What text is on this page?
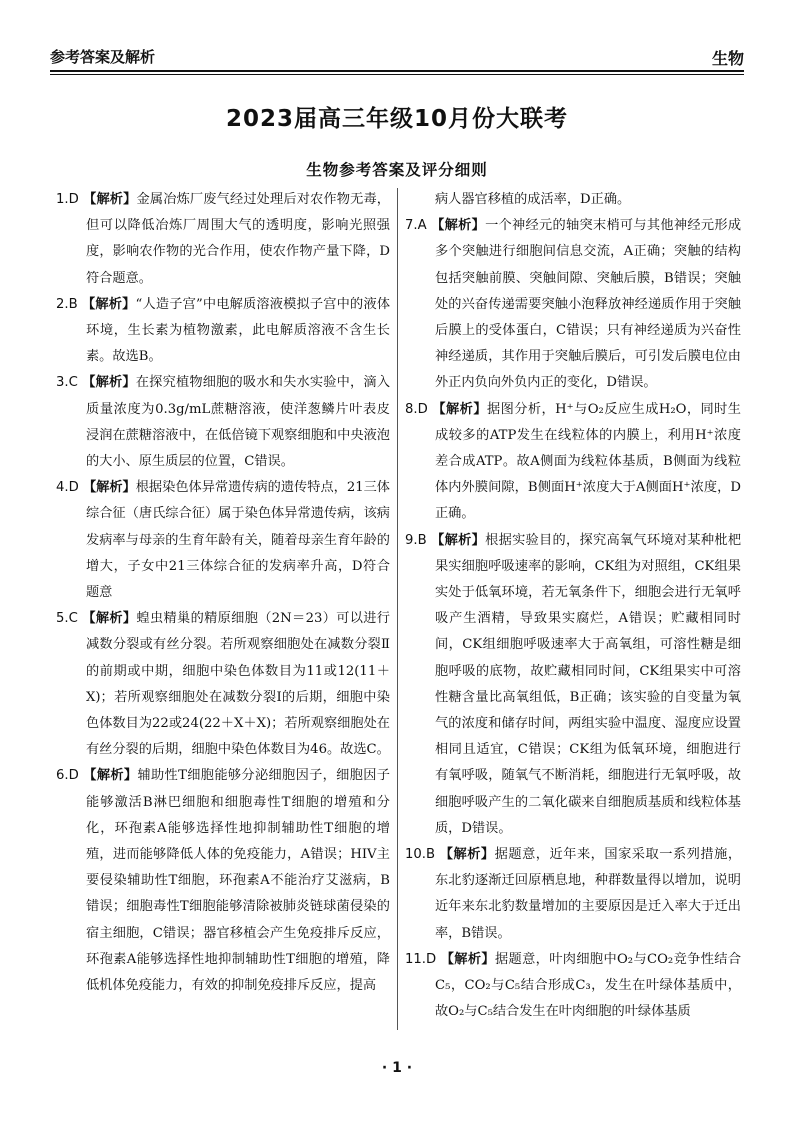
参考答案及解析	生物
2023届高三年级10月份大联考
生物参考答案及评分细则

1.D 【解析】金属冶炼厂废气经过处理后对农作物无毒，但可以降低冶炼厂周围大气的透明度，影响光照强度，影响农作物的光合作用，使农作物产量下降，D符合题意。

2.B 【解析】“人造子宫”中电解质溶液模拟子宫中的液体环境，生长素为植物激素，此电解质溶液不含生长素。故选B。

3.C 【解析】在探究植物细胞的吸水和失水实验中，滴入质量浓度为0.3g/mL蔗糖溶液，使洋葱鳞片叶表皮浸润在蔗糖溶液中，在低倍镜下观察细胞和中央液泡的大小、原生质层的位置，C错误。

4.D 【解析】根据染色体异常遗传病的遗传特点，21三体综合征（唐氏综合征）属于染色体异常遗传病，该病发病率与母亲的生育年龄有关，随着母亲生育年龄的增大，子女中21三体综合征的发病率升高，D符合题意

5.C 【解析】蝗虫精巢的精原细胞（2N＝23）可以进行减数分裂或有丝分裂。若所观察细胞处在减数分裂Ⅱ的前期或中期，细胞中染色体数目为11或12(11＋X)；若所观察细胞处在减数分裂Ⅰ的后期，细胞中染色体数目为22或24(22＋X＋X)；若所观察细胞处在有丝分裂的后期，细胞中染色体数目为46。故选C。

6.D 【解析】辅助性T细胞能够分泌细胞因子，细胞因子能够激活B淋巴细胞和细胞毒性T细胞的增殖和分化，环孢素A能够选择性地抑制辅助性T细胞的增殖，进而能够降低人体的免疫能力，A错误；HIV主要侵染辅助性T细胞，环孢素A不能治疗艾滋病，B错误；细胞毒性T细胞能够清除被肺炎链球菌侵染的宿主细胞，C错误；器官移植会产生免疫排斥反应，环孢素A能够选择性地抑制辅助性T细胞的增殖，降低机体免疫能力，有效的抑制免疫排斥反应，提高

病人器官移植的成活率，D正确。

7.A 【解析】一个神经元的轴突末梢可与其他神经元形成多个突触进行细胞间信息交流，A正确；突触的结构包括突触前膜、突触间隙、突触后膜，B错误；突触处的兴奋传递需要突触小泡释放神经递质作用于突触后膜上的受体蛋白，C错误；只有神经递质为兴奋性神经递质，其作用于突触后膜后，可引发后膜电位由外正内负向外负内正的变化，D错误。

8.D 【解析】据图分析，H⁺与O₂反应生成H₂O，同时生成较多的ATP发生在线粒体的内膜上，利用H⁺浓度差合成ATP。故A侧面为线粒体基质，B侧面为线粒体内外膜间隙，B侧面H⁺浓度大于A侧面H⁺浓度，D正确。

9.B 【解析】根据实验目的，探究高氧气环境对某种枇杷果实细胞呼吸速率的影响，CK组为对照组，CK组果实处于低氧环境，若无氧条件下，细胞会进行无氧呼吸产生酒精，导致果实腐烂，A错误；贮藏相同时间，CK组细胞呼吸速率大于高氧组，可溶性糖是细胞呼吸的底物，故贮藏相同时间，CK组果实中可溶性糖含量比高氧组低，B正确；该实验的自变量为氧气的浓度和储存时间，两组实验中温度、湿度应设置相同且适宜，C错误；CK组为低氧环境，细胞进行有氧呼吸，随氧气不断消耗，细胞进行无氧呼吸，故细胞呼吸产生的二氧化碳来自细胞质基质和线粒体基质，D错误。

10.B 【解析】据题意，近年来，国家采取一系列措施，东北豹逐渐迁回原栖息地，种群数量得以增加，说明近年来东北豹数量增加的主要原因是迁入率大于迁出率，B错误。

11.D 【解析】据题意，叶肉细胞中O₂与CO₂竞争性结合C₅，CO₂与C₅结合形成C₃，发生在叶绿体基质中，故O₂与C₅结合发生在叶肉细胞的叶绿体基质

· 1 ·
